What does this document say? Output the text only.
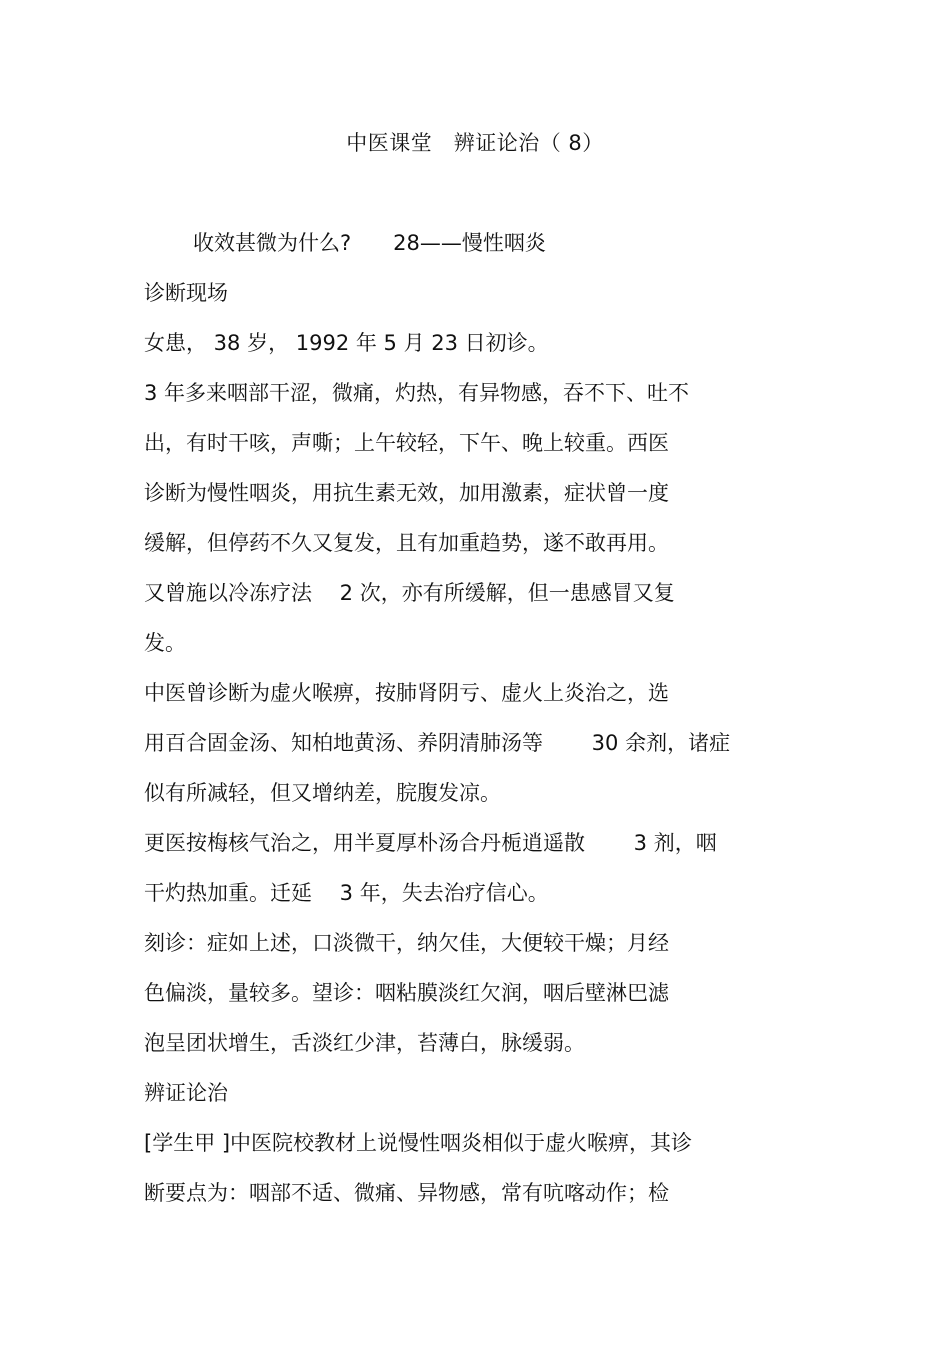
中医课堂　辨证论治（ 8）
收效甚微为什么?　　28——慢性咽炎
诊断现场
女患， 38 岁， 1992 年 5 月 23 日初诊。
3 年多来咽部干涩，微痛，灼热，有异物感，吞不下、吐不
出，有时干咳，声嘶；上午较轻，下午、晚上较重。西医
诊断为慢性咽炎，用抗生素无效，加用激素，症状曾一度
缓解，但停药不久又复发，且有加重趋势，遂不敢再用。
又曾施以冷冻疗法　 2 次，亦有所缓解，但一患感冒又复
发。
中医曾诊断为虚火喉痹，按肺肾阴亏、虚火上炎治之，选
用百合固金汤、知柏地黄汤、养阴清肺汤等　　 30 余剂，诸症
似有所减轻，但又增纳差，脘腹发凉。
更医按梅核气治之，用半夏厚朴汤合丹栀逍遥散　　 3 剂，咽
干灼热加重。迁延　 3 年，失去治疗信心。
刻诊：症如上述，口淡微干，纳欠佳，大便较干燥；月经
色偏淡，量较多。望诊：咽粘膜淡红欠润，咽后壁淋巴滤
泡呈团状增生，舌淡红少津，苔薄白，脉缓弱。
辨证论治
[学生甲 ]中医院校教材上说慢性咽炎相似于虚火喉痹，其诊
断要点为：咽部不适、微痛、异物感，常有吭喀动作；检
